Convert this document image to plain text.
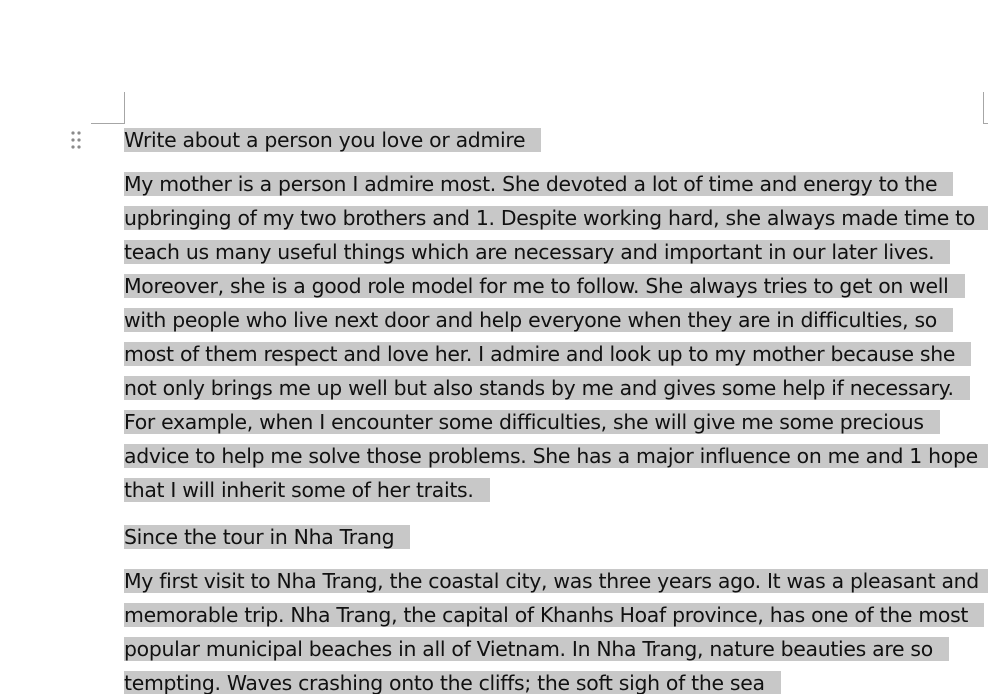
Write about a person you love or admire

My mother is a person I admire most. She devoted a lot of time and energy to the upbringing of my two brothers and 1. Despite working hard, she always made time to teach us many useful things which are necessary and important in our later lives. Moreover, she is a good role model for me to follow. She always tries to get on well with people who live next door and help everyone when they are in difficulties, so most of them respect and love her. I admire and look up to my mother because she not only brings me up well but also stands by me and gives some help if necessary. For example, when I encounter some difficulties, she will give me some precious advice to help me solve those problems. She has a major influence on me and 1 hope that I will inherit some of her traits.

Since the tour in Nha Trang

My first visit to Nha Trang, the coastal city, was three years ago. It was a pleasant and memorable trip. Nha Trang, the capital of Khanhs Hoaf province, has one of the most popular municipal beaches in all of Vietnam. In Nha Trang, nature beauties are so tempting. Waves crashing onto the cliffs; the soft sigh of the sea
